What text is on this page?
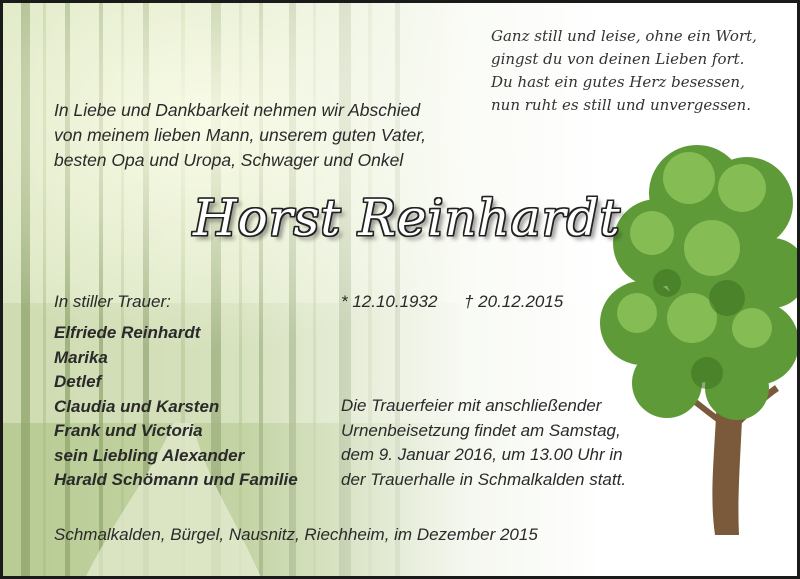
Ganz still und leise, ohne ein Wort,
gingst du von deinen Lieben fort.
Du hast ein gutes Herz besessen,
nun ruht es still und unvergessen.
In Liebe und Dankbarkeit nehmen wir Abschied
von meinem lieben Mann, unserem guten Vater,
besten Opa und Uropa, Schwager und Onkel
Horst Reinhardt
In stiller Trauer:	* 12.10.1932 † 20.12.2015
Elfriede Reinhardt
Marika
Detlef
Claudia und Karsten
Frank und Victoria
sein Liebling Alexander
Harald Schömann und Familie
Die Trauerfeier mit anschließender
Urnenbeisetzung findet am Samstag,
dem 9. Januar 2016, um 13.00 Uhr in
der Trauerhalle in Schmalkalden statt.
Schmalkalden, Bürgel, Nausnitz, Riechheim, im Dezember 2015
